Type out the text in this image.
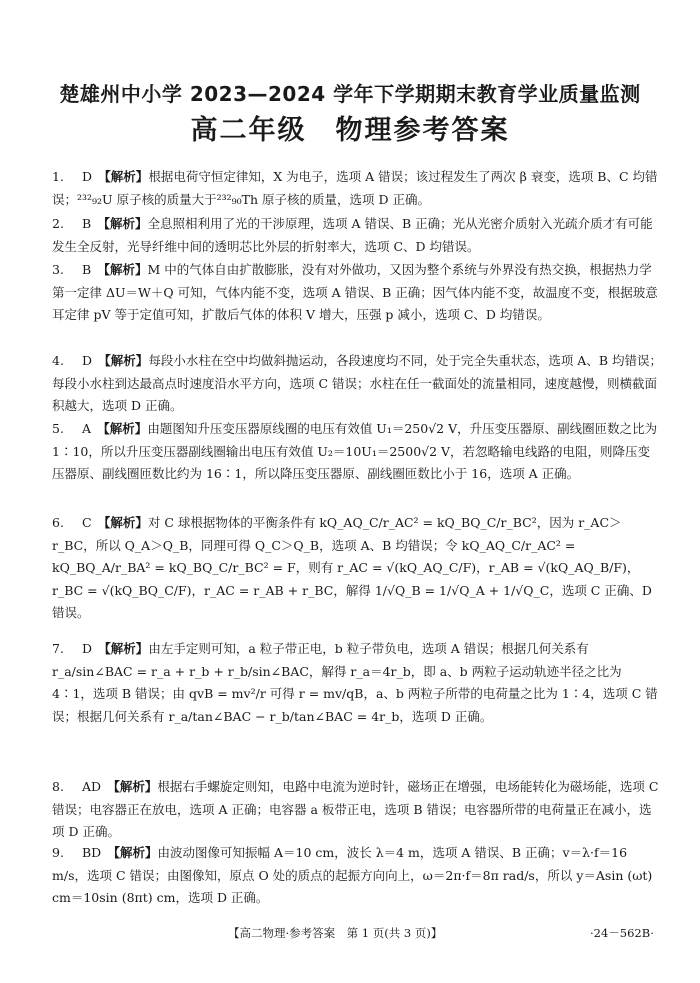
楚雄州中小学 2023—2024 学年下学期期末教育学业质量监测
高二年级　物理参考答案
1. D　 【解析】根据电荷守恒定律知，X 为电子，选项 A 错误；该过程发生了两次 β 衰变，选项 B、C 均错误；²³²₉₂U 原子核的质量大于²³²₉₀Th 原子核的质量，选项 D 正确。
2. B　 【解析】全息照相利用了光的干涉原理，选项 A 错误、B 正确；光从光密介质射入光疏介质才有可能发生全反射，光导纤维中间的透明芯比外层的折射率大，选项 C、D 均错误。
3. B　 【解析】M 中的气体自由扩散膨胀，没有对外做功，又因为整个系统与外界没有热交换，根据热力学第一定律 ΔU＝W＋Q 可知，气体内能不变，选项 A 错误、B 正确；因气体内能不变，故温度不变，根据玻意耳定律 pV 等于定值可知，扩散后气体的体积 V 增大，压强 p 减小，选项 C、D 均错误。
4. D　 【解析】每段小水柱在空中均做斜抛运动，各段速度均不同，处于完全失重状态，选项 A、B 均错误；每段小水柱到达最高点时速度沿水平方向，选项 C 错误；水柱在任一截面处的流量相同，速度越慢，则横截面积越大，选项 D 正确。
5. A　 【解析】由题图知升压变压器原线圈的电压有效值 U₁＝250√2 V，升压变压器原、副线圈匝数之比为 1∶10，所以升压变压器副线圈输出电压有效值 U₂＝10U₁＝2500√2 V，若忽略输电线路的电阻，则降压变压器原、副线圈匝数比约为 16∶1，所以降压变压器原、副线圈匝数比小于 16，选项 A 正确。
6. C　 【解析】对 C 球根据物体的平衡条件有 kQ_AQ_C/r_AC² = kQ_BQ_C/r_BC²，因为 r_AC＞r_BC，所以 Q_A＞Q_B，同理可得 Q_C＞Q_B，选项 A、B 均错误；令 kQ_AQ_C/r_AC² = kQ_BQ_A/r_BA² = kQ_BQ_C/r_BC² = F，则有 r_AC = √(kQ_AQ_C/F)，r_AB = √(kQ_AQ_B/F)，r_BC = √(kQ_BQ_C/F)，r_AC = r_AB + r_BC，解得 1/√Q_B = 1/√Q_A + 1/√Q_C，选项 C 正确、D 错误。
7. D　 【解析】由左手定则可知，a 粒子带正电，b 粒子带负电，选项 A 错误；根据几何关系有 r_a/sin∠BAC = r_a + r_b + r_b/sin∠BAC，解得 r_a＝4r_b，即 a、b 两粒子运动轨迹半径之比为 4∶1，选项 B 错误；由 qvB = mv²/r 可得 r = mv/qB，a、b 两粒子所带的电荷量之比为 1∶4，选项 C 错误；根据几何关系有 r_a/tan∠BAC − r_b/tan∠BAC = 4r_b，选项 D 正确。
8. AD　 【解析】根据右手螺旋定则知，电路中电流为逆时针，磁场正在增强，电场能转化为磁场能，选项 C 错误；电容器正在放电，选项 A 正确；电容器 a 板带正电，选项 B 错误；电容器所带的电荷量正在减小，选项 D 正确。
9. BD　 【解析】由波动图像可知振幅 A＝10 cm，波长 λ＝4 m，选项 A 错误、B 正确；v＝λ·f＝16 m/s，选项 C 错误；由图像知，原点 O 处的质点的起振方向向上，ω＝2π·f＝8π rad/s，所以 y＝Asin (ωt) cm＝10sin (8πt) cm，选项 D 正确。
【高二物理·参考答案　第 1 页(共 3 页)】	·24－562B·
